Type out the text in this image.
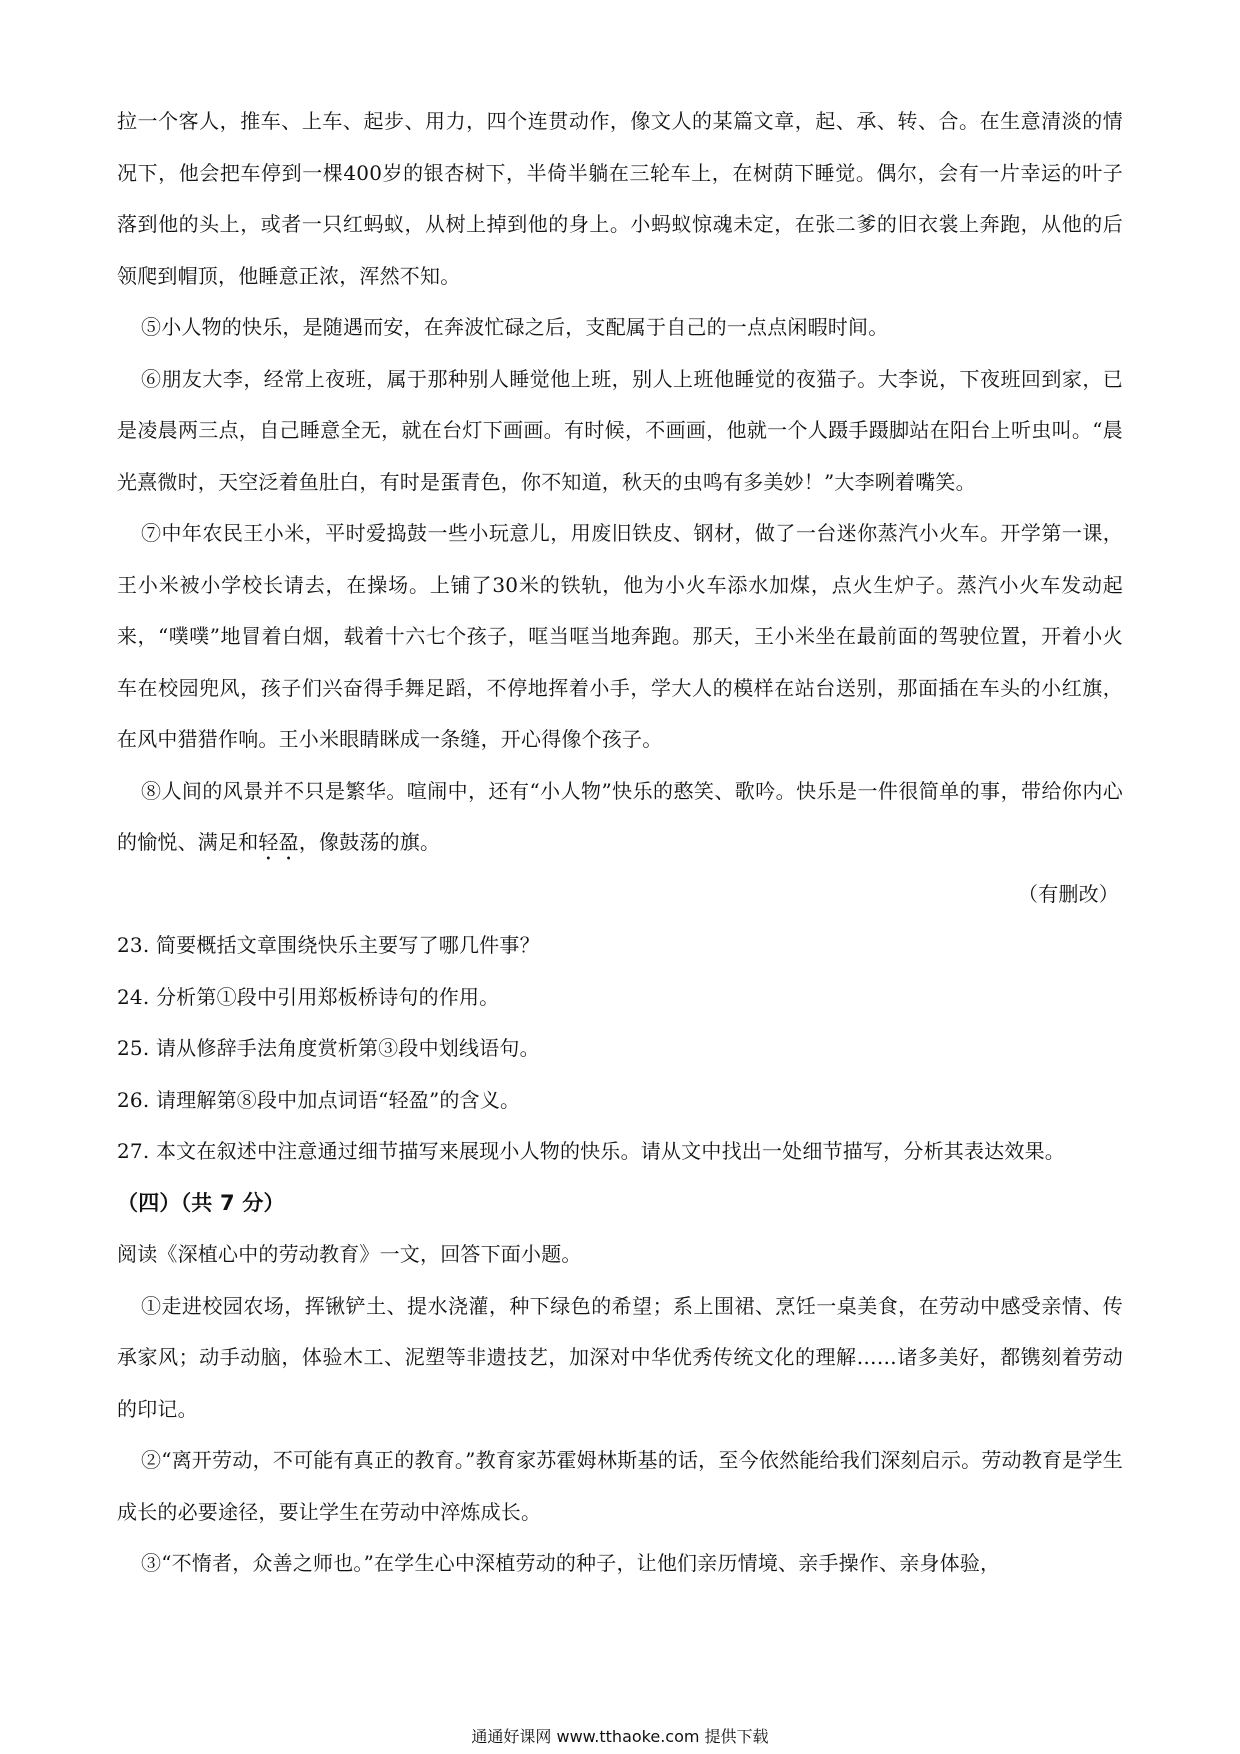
拉一个客人，推车、上车、起步、用力，四个连贯动作，像文人的某篇文章，起、承、转、合。在生意清淡的情况下，他会把车停到一棵400岁的银杏树下，半倚半躺在三轮车上，在树荫下睡觉。偶尔，会有一片幸运的叶子落到他的头上，或者一只红蚂蚁，从树上掉到他的身上。小蚂蚁惊魂未定，在张二爹的旧衣裳上奔跑，从他的后领爬到帽顶，他睡意正浓，浑然不知。

⑤小人物的快乐，是随遇而安，在奔波忙碌之后，支配属于自己的一点点闲暇时间。

⑥朋友大李，经常上夜班，属于那种别人睡觉他上班，别人上班他睡觉的夜猫子。大李说，下夜班回到家，已是凌晨两三点，自己睡意全无，就在台灯下画画。有时候，不画画，他就一个人蹑手蹑脚站在阳台上听虫叫。“晨光熹微时，天空泛着鱼肚白，有时是蛋青色，你不知道，秋天的虫鸣有多美妙！”大李咧着嘴笑。

⑦中年农民王小米，平时爱捣鼓一些小玩意儿，用废旧铁皮、钢材，做了一台迷你蒸汽小火车。开学第一课，王小米被小学校长请去，在操场。上铺了30米的铁轨，他为小火车添水加煤，点火生炉子。蒸汽小火车发动起来，“噗噗”地冒着白烟，载着十六七个孩子，哐当哐当地奔跑。那天，王小米坐在最前面的驾驶位置，开着小火车在校园兜风，孩子们兴奋得手舞足蹈，不停地挥着小手，学大人的模样在站台送别，那面插在车头的小红旗，在风中猎猎作响。王小米眼睛眯成一条缝，开心得像个孩子。

⑧人间的风景并不只是繁华。喧闹中，还有“小人物”快乐的憨笑、歌吟。快乐是一件很简单的事，带给你内心的愉悦、满足和轻盈，像鼓荡的旗。

（有删改）

23. 简要概括文章围绕快乐主要写了哪几件事？

24. 分析第①段中引用郑板桥诗句的作用。

25. 请从修辞手法角度赏析第③段中划线语句。

26. 请理解第⑧段中加点词语“轻盈”的含义。

27. 本文在叙述中注意通过细节描写来展现小人物的快乐。请从文中找出一处细节描写，分析其表达效果。

（四）（共 7 分）

阅读《深植心中的劳动教育》一文，回答下面小题。

①走进校园农场，挥锹铲土、提水浇灌，种下绿色的希望；系上围裙、烹饪一桌美食，在劳动中感受亲情、传承家风；动手动脑，体验木工、泥塑等非遗技艺，加深对中华优秀传统文化的理解……诸多美好，都镌刻着劳动的印记。

②“离开劳动，不可能有真正的教育。”教育家苏霍姆林斯基的话，至今依然能给我们深刻启示。劳动教育是学生成长的必要途径，要让学生在劳动中淬炼成长。

③“不惰者，众善之师也。”在学生心中深植劳动的种子，让他们亲历情境、亲手操作、亲身体验，

通通好课网 www.tthaoke.com 提供下载
